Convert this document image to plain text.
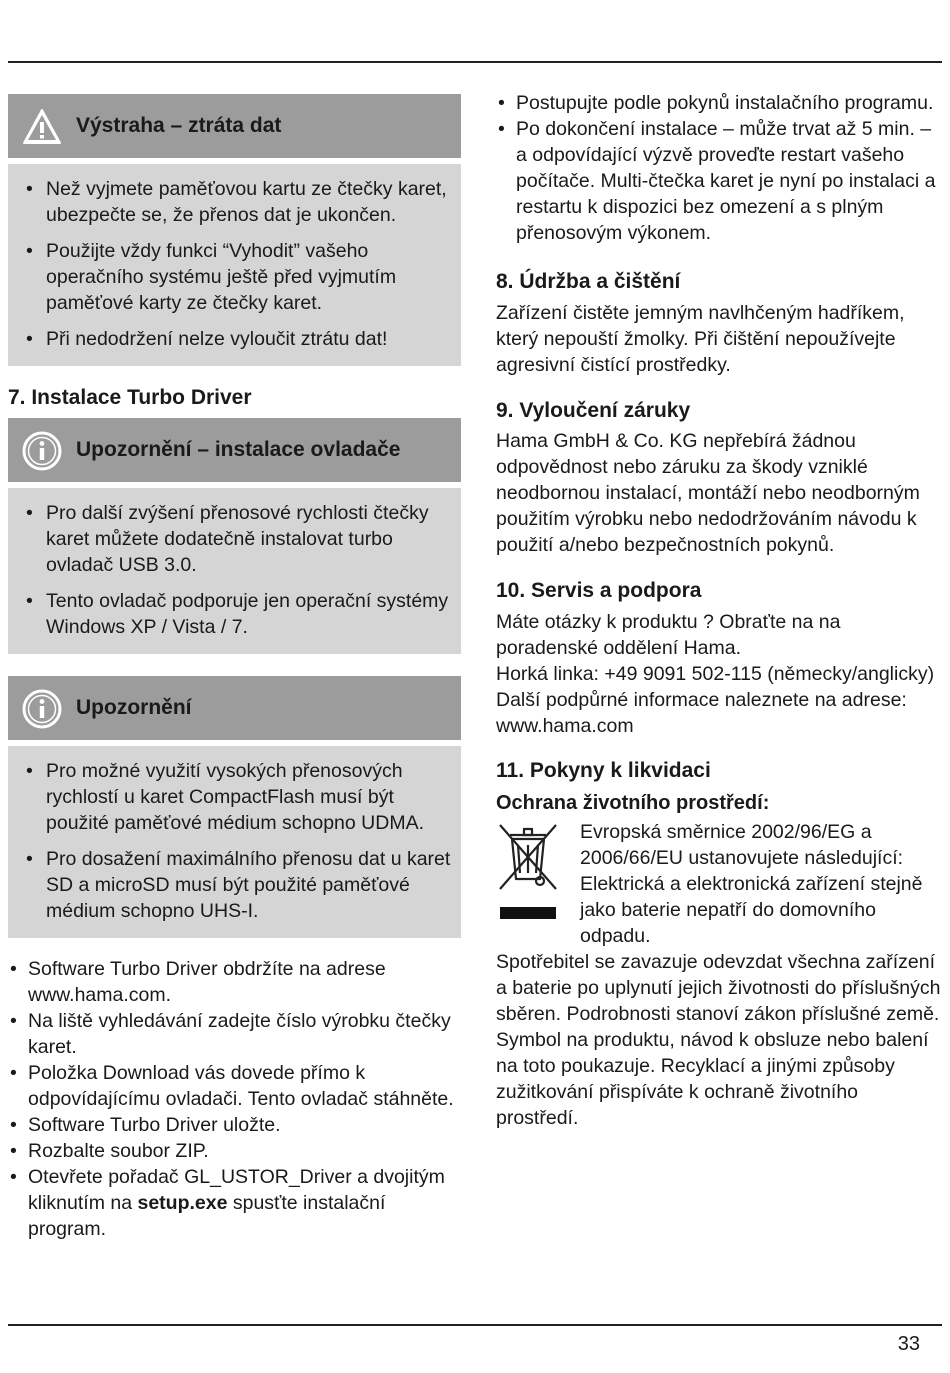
Výstraha – ztráta dat
• Než vyjmete paměťovou kartu ze čtečky karet, ubezpečte se, že přenos dat je ukončen.
• Použijte vždy funkci “Vyhodit” vašeho operačního systému ještě před vyjmutím paměťové karty ze čtečky karet.
• Při nedodržení nelze vyloučit ztrátu dat!
7. Instalace Turbo Driver
Upozornění – instalace ovladače
• Pro další zvýšení přenosové rychlosti čtečky karet můžete dodatečně instalovat turbo ovladač USB 3.0.
• Tento ovladač podporuje jen operační systémy Windows XP / Vista / 7.
Upozornění
• Pro možné využití vysokých přenosových rychlostí u karet CompactFlash musí být použité paměťové médium schopno UDMA.
• Pro dosažení maximálního přenosu dat u karet SD a microSD musí být použité paměťové médium schopno UHS-I.
• Software Turbo Driver obdržíte na adrese www.hama.com.
• Na liště vyhledávání zadejte číslo výrobku čtečky karet.
• Položka Download vás dovede přímo k odpovídajícímu ovladači. Tento ovladač stáhněte.
• Software Turbo Driver uložte.
• Rozbalte soubor ZIP.
• Otevřete pořadač GL_USTOR_Driver a dvojitým kliknutím na setup.exe spusťte instalační program.
• Postupujte podle pokynů instalačního programu.
• Po dokončení instalace – může trvat až 5 min. – a odpovídající výzvě proveďte restart vašeho počítače. Multi-čtečka karet je nyní po instalaci a restartu k dispozici bez omezení a s plným přenosovým výkonem.
8. Údržba a čištění

Zařízení čistěte jemným navlhčeným hadříkem, který nepouští žmolky. Při čištění nepoužívejte agresivní čistící prostředky.

9. Vyloučení záruky

Hama GmbH & Co. KG nepřebírá žádnou odpovědnost nebo záruku za škody vzniklé neodbornou instalací, montáží nebo neodborným použitím výrobku nebo nedodržováním návodu k použití a/nebo bezpečnostních pokynů.

10. Servis a podpora

Máte otázky k produktu ? Obraťte na na poradenské oddělení Hama.
Horká linka: +49 9091 502-115 (německy/anglicky)
Další podpůrné informace naleznete na adrese:
www.hama.com

11. Pokyny k likvidaci
Ochrana životního prostředí:

Evropská směrnice 2002/96/EG a 2006/66/EU ustanovujete následující: Elektrická a elektronická zařízení stejně jako baterie nepatří do domovního odpadu.

Spotřebitel se zavazuje odevzdat všechna zařízení a baterie po uplynutí jejich životnosti do příslušných sběren. Podrobnosti stanoví zákon příslušné země. Symbol na produktu, návod k obsluze nebo balení na toto poukazuje. Recyklací a jinými způsoby zužitkování přispíváte k ochraně životního prostředí.

33
